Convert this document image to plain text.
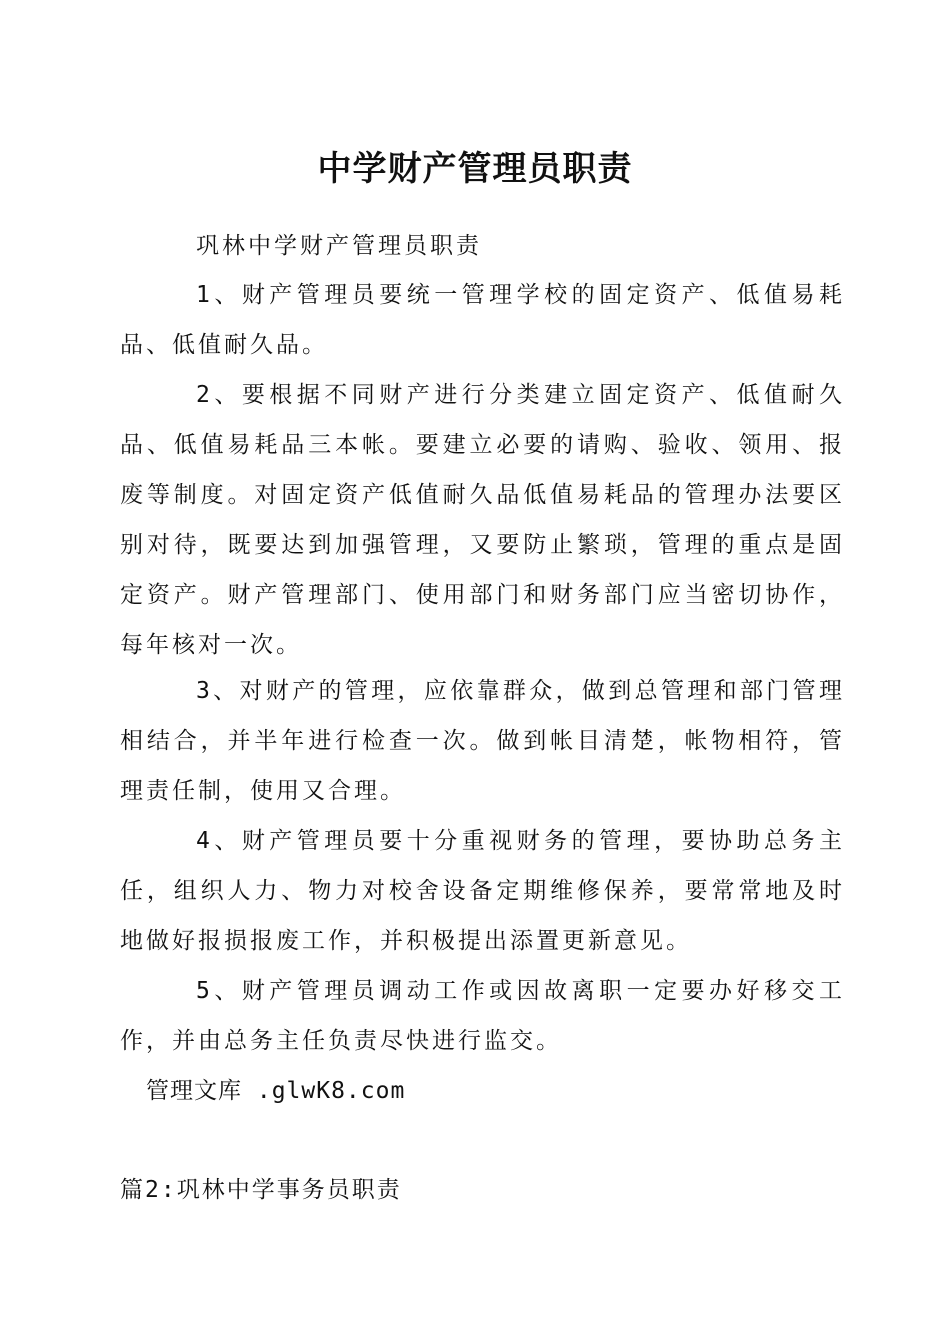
中学财产管理员职责

巩林中学财产管理员职责

1、财产管理员要统一管理学校的固定资产、低值易耗品、低值耐久品。

2、要根据不同财产进行分类建立固定资产、低值耐久品、低值易耗品三本帐。要建立必要的请购、验收、领用、报废等制度。对固定资产低值耐久品低值易耗品的管理办法要区别对待，既要达到加强管理，又要防止繁琐，管理的重点是固定资产。财产管理部门、使用部门和财务部门应当密切协作，每年核对一次。

3、对财产的管理，应依靠群众，做到总管理和部门管理相结合，并半年进行检查一次。做到帐目清楚，帐物相符，管理责任制，使用又合理。

4、财产管理员要十分重视财务的管理，要协助总务主任，组织人力、物力对校舍设备定期维修保养，要常常地及时地做好报损报废工作，并积极提出添置更新意见。

5、财产管理员调动工作或因故离职一定要办好移交工作，并由总务主任负责尽快进行监交。

管理文库 .glwK8.com

篇2:巩林中学事务员职责
